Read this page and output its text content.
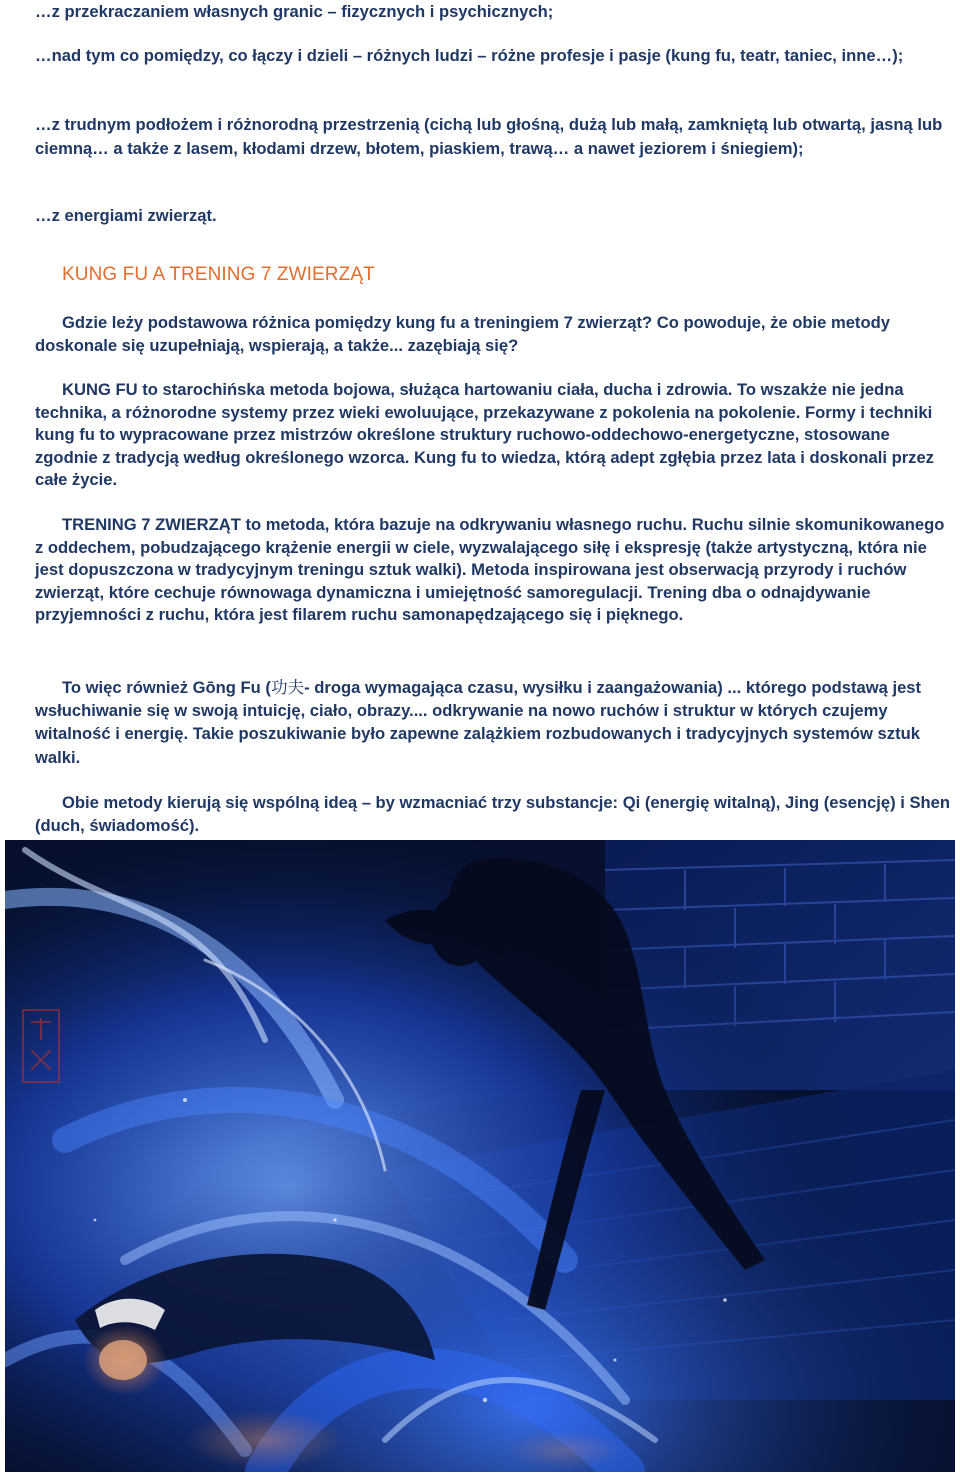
…z przekraczaniem własnych granic – fizycznych i psychicznych;
…nad tym co pomiędzy, co łączy i dzieli – różnych ludzi – różne profesje i pasje (kung fu, teatr, taniec, inne…);
…z trudnym podłożem i różnorodną przestrzenią (cichą lub głośną, dużą lub małą, zamkniętą lub otwartą, jasną lub ciemną… a także z lasem, kłodami drzew, błotem, piaskiem, trawą… a nawet jeziorem i śniegiem);
…z energiami zwierząt.
KUNG FU A TRENING 7 ZWIERZĄT
Gdzie leży podstawowa różnica pomiędzy kung fu a treningiem 7 zwierząt? Co powoduje, że obie metody doskonale się uzupełniają, wspierają, a także... zazębiają się?
KUNG FU to starochińska metoda bojowa, służąca hartowaniu ciała, ducha i zdrowia. To wszakże nie jedna technika, a różnorodne systemy przez wieki ewoluujące, przekazywane z pokolenia na pokolenie. Formy i techniki kung fu to wypracowane przez mistrzów określone struktury ruchowo-oddechowo-energetyczne, stosowane zgodnie z tradycją według określonego wzorca. Kung fu to wiedza, którą adept zgłębia przez lata i doskonali przez całe życie.
TRENING 7 ZWIERZĄT to metoda, która bazuje na odkrywaniu własnego ruchu. Ruchu silnie skomunikowanego z oddechem, pobudzającego krążenie energii w ciele, wyzwalającego siłę i ekspresję (także artystyczną, która nie jest dopuszczona w tradycyjnym treningu sztuk walki). Metoda inspirowana jest obserwacją przyrody i ruchów zwierząt, które cechuje równowaga dynamiczna i umiejętność samoregulacji. Trening dba o odnajdywanie przyjemności z ruchu, która jest filarem ruchu samonapędzającego się i pięknego.
To więc również Gōng Fu (功夫- droga wymagająca czasu, wysiłku i zaangażowania) ... którego podstawą jest wsłuchiwanie się w swoją intuicję, ciało, obrazy.... odkrywanie na nowo ruchów i struktur w których czujemy witalność i energię. Takie poszukiwanie było zapewne zalążkiem rozbudowanych i tradycyjnych systemów sztuk walki.
Obie metody kierują się wspólną ideą – by wzmacniać trzy substancje: Qi (energię witalną), Jing (esencję) i Shen (duch, świadomość).
